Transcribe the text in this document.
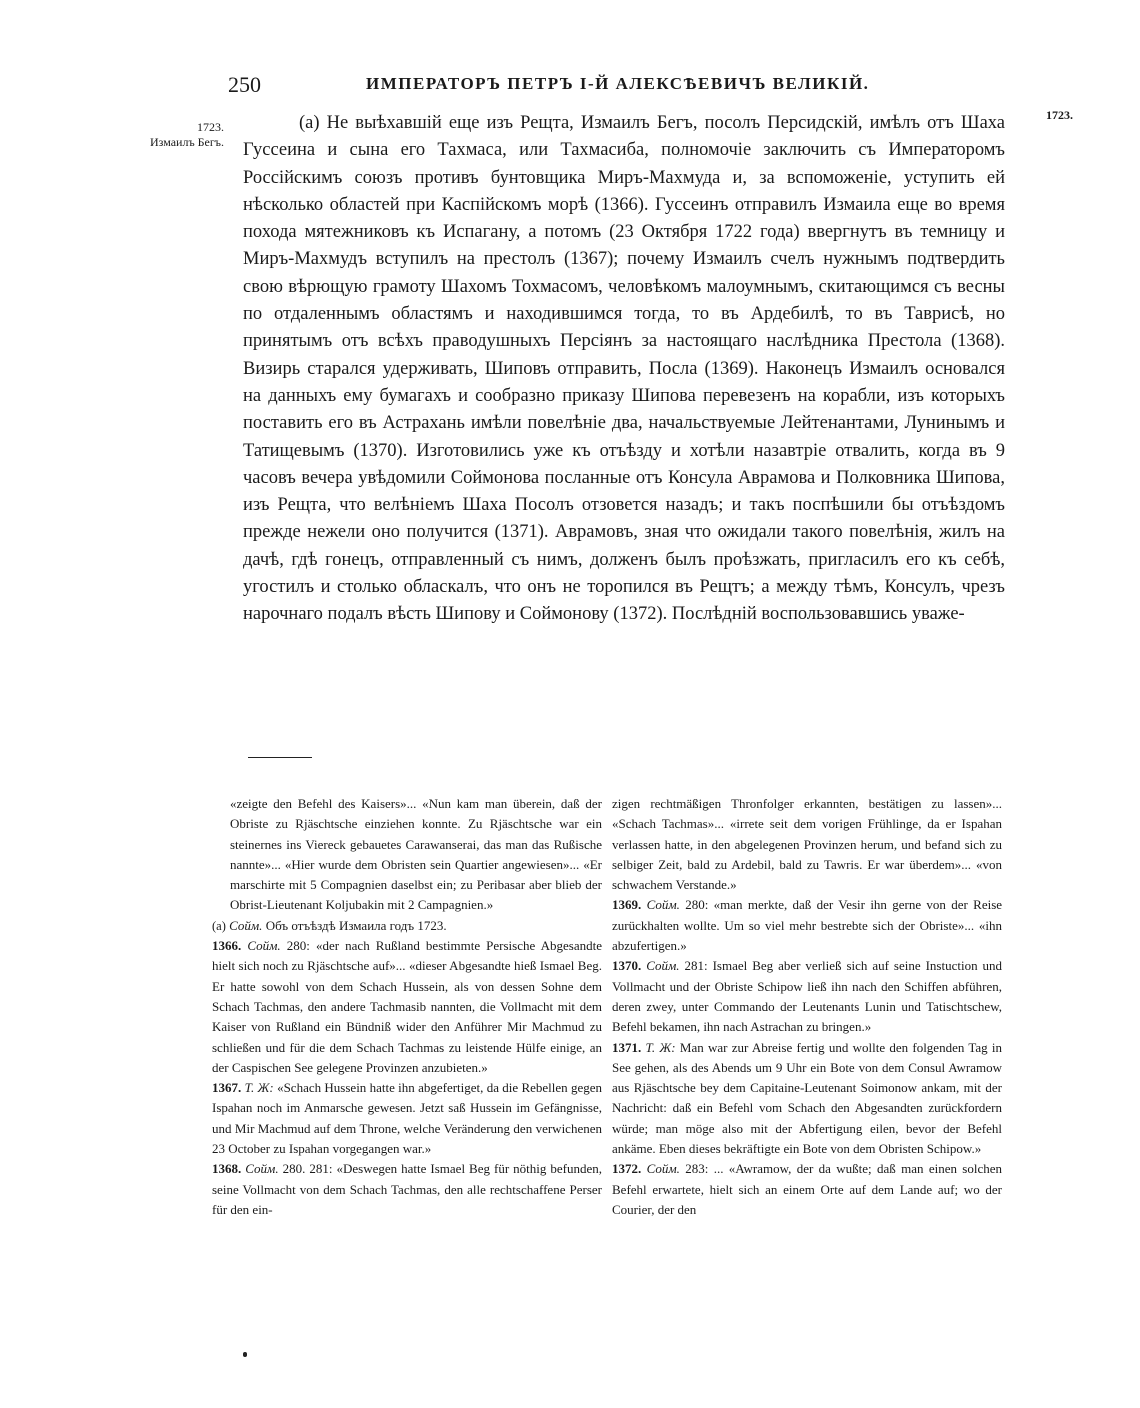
250	ИМПЕРАТОРЪ ПЕТРЪ I-Й АЛЕКСѢЕВИЧЪ ВЕЛИКІЙ.
1723.
1723.
Измаилъ Бегъ.
(а) Не выѣхавшій еще изъ Рещта, Измаилъ Бегъ, посолъ Персидскій, имѣлъ отъ Шаха Гуссеина и сына его Тахмаса, или Тахмасиба, полномочіе заключить съ Императоромъ Россійскимъ союзъ противъ бунтовщика Миръ-Махмуда и, за вспоможеніе, уступить ей нѣсколько областей при Каспійскомъ морѣ (1366). Гуссеинъ отправилъ Измаила еще во время похода мятежниковъ къ Испагану, а потомъ (23 Октября 1722 года) ввергнутъ въ темницу и Миръ-Махмудъ вступилъ на престолъ (1367); почему Измаилъ счелъ нужнымъ подтвердить свою вѣрющую грамоту Шахомъ Тохмасомъ, человѣкомъ малоумнымъ, скитающимся съ весны по отдаленнымъ областямъ и находившимся тогда, то въ Ардебилѣ, то въ Таврисѣ, но принятымъ отъ всѣхъ праводушныхъ Персіянъ за настоящаго наслѣдника Престола (1368). Визирь старался удерживать, Шиповъ отправить, Посла (1369). Наконецъ Измаилъ основался на данныхъ ему бумагахъ и сообразно приказу Шипова перевезенъ на корабли, изъ которыхъ поставить его въ Астрахань имѣли повелѣніе два, начальствуемые Лейтенантами, Лунинымъ и Татищевымъ (1370). Изготовились уже къ отъѣзду и хотѣли назавтріе отвалить, когда въ 9 часовъ вечера увѣдомили Соймонова посланные отъ Консула Аврамова и Полковника Шипова, изъ Рещта, что велѣніемъ Шаха Посолъ отзовется назадъ; и такъ поспѣшили бы отъѣздомъ прежде нежели оно получится (1371). Аврамовъ, зная что ожидали такого повелѣнія, жилъ на дачѣ, гдѣ гонецъ, отправленный съ нимъ, долженъ былъ проѣзжать, пригласилъ его къ себѣ, угостилъ и столько обласкалъ, что онъ не торопился въ Рещтъ; а между тѣмъ, Консулъ, чрезъ нарочнаго подалъ вѣсть Шипову и Соймонову (1372). Послѣдній воспользовавшись уваже-

«zeigte den Befehl des Kaisers»... «Nun kam man überein, daß der Obriste zu Rjäschtsche einziehen konnte. Zu Rjäschtsche war ein steinernes ins Viereck gebauetes Carawanserai, das man das Rußische nannte»... «Hier wurde dem Obristen sein Quartier angewiesen»... «Er marschirte mit 5 Compagnien daselbst ein; zu Peribasar aber blieb der Obrist-Lieutenant Koljubakin mit 2 Campagnien.»

(а) Сойм. Объ отъѣздѣ Измаила годъ 1723.

1366. Сойм. 280: «der nach Rußland bestimmte Persische Abgesandte hielt sich noch zu Rjäschtsche auf»... «dieser Abgesandte hieß Ismael Beg. Er hatte sowohl von dem Schach Hussein, als von dessen Sohne dem Schach Tachmas, den andere Tachmasib nannten, die Vollmacht mit dem Kaiser von Rußland ein Bündniß wider den Anführer Mir Machmud zu schließen und für die dem Schach Tachmas zu leistende Hülfe einige, an der Caspischen See gelegene Provinzen anzubieten.»

1367. Т. Ж: «Schach Hussein hatte ihn abgefertiget, da die Rebellen gegen Ispahan noch im Anmarsche gewesen. Jetzt saß Hussein im Gefängnisse, und Mir Machmud auf dem Throne, welche Veränderung den verwichenen 23 October zu Ispahan vorgegangen war.»

1368. Сойм. 280. 281: «Deswegen hatte Ismael Beg für nöthig befunden, seine Vollmacht von dem Schach Tachmas, den alle rechtschaffene Perser für den ein-

zigen rechtmäßigen Thronfolger erkannten, bestätigen zu lassen»... «Schach Tachmas»... «irrete seit dem vorigen Frühlinge, da er Ispahan verlassen hatte, in den abgelegenen Provinzen herum, und befand sich zu selbiger Zeit, bald zu Ardebil, bald zu Tawris. Er war überdem»... «von schwachem Verstande.»

1369. Сойм. 280: «man merkte, daß der Vesir ihn gerne von der Reise zurückhalten wollte. Um so viel mehr bestrebte sich der Obriste»... «ihn abzufertigen.»

1370. Сойм. 281: Ismael Beg aber verließ sich auf seine Instuction und Vollmacht und der Obriste Schipow ließ ihn nach den Schiffen abführen, deren zwey, unter Commando der Leutenants Lunin und Tatischtschew, Befehl bekamen, ihn nach Astrachan zu bringen.»

1371. Т. Ж: Man war zur Abreise fertig und wollte den folgenden Tag in See gehen, als des Abends um 9 Uhr ein Bote von dem Consul Awramow aus Rjäschtsche bey dem Capitaine-Leutenant Soimonow ankam, mit der Nachricht: daß ein Befehl vom Schach den Abgesandten zurückfordern würde; man möge also mit der Abfertigung eilen, bevor der Befehl ankäme. Eben dieses bekräftigte ein Bote von dem Obristen Schipow.»

1372. Сойм. 283: ... «Awramow, der da wußte; daß man einen solchen Befehl erwartete, hielt sich an einem Orte auf dem Lande auf; wo der Courier, der den
